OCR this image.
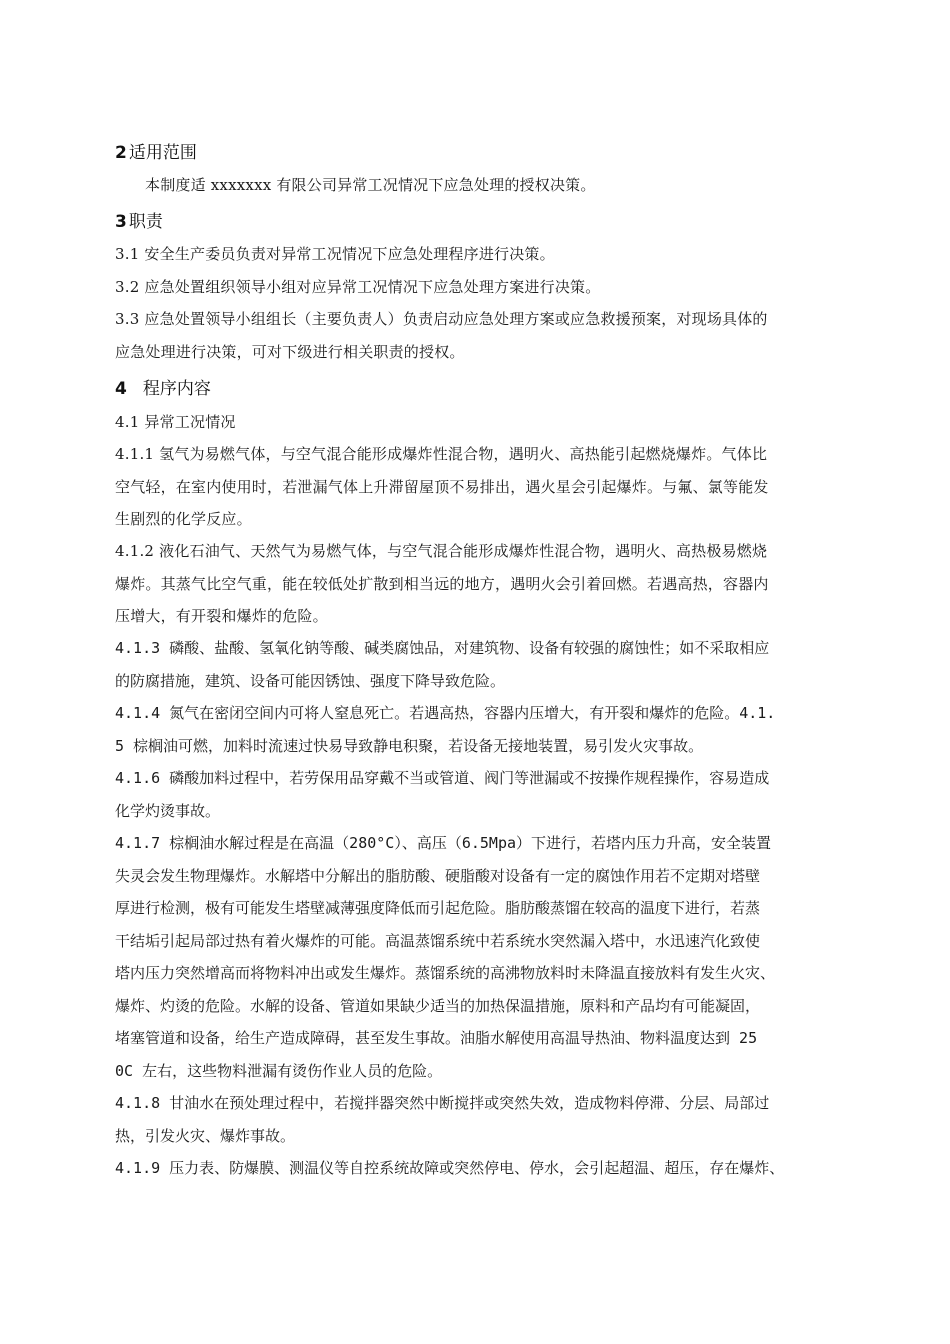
2 适用范围
本制度适 xxxxxxx 有限公司异常工况情况下应急处理的授权决策。
3 职责
3.1 安全生产委员负责对异常工况情况下应急处理程序进行决策。
3.2 应急处置组织领导小组对应异常工况情况下应急处理方案进行决策。
3.3 应急处置领导小组组长（主要负责人）负责启动应急处理方案或应急救援预案，对现场具体的
应急处理进行决策，可对下级进行相关职责的授权。
4 程序内容
4.1 异常工况情况
4.1.1 氢气为易燃气体，与空气混合能形成爆炸性混合物，遇明火、高热能引起燃烧爆炸。气体比
空气轻，在室内使用时，若泄漏气体上升滞留屋顶不易排出，遇火星会引起爆炸。与氟、氯等能发
生剧烈的化学反应。
4.1.2 液化石油气、天然气为易燃气体，与空气混合能形成爆炸性混合物，遇明火、高热极易燃烧
爆炸。其蒸气比空气重，能在较低处扩散到相当远的地方，遇明火会引着回燃。若遇高热，容器内
压增大，有开裂和爆炸的危险。
4.1.3 磷酸、盐酸、氢氧化钠等酸、碱类腐蚀品，对建筑物、设备有较强的腐蚀性；如不采取相应
的防腐措施，建筑、设备可能因锈蚀、强度下降导致危险。
4.1.4 氮气在密闭空间内可将人窒息死亡。若遇高热，容器内压增大，有开裂和爆炸的危险。4.1.
5 棕榈油可燃，加料时流速过快易导致静电积聚，若设备无接地装置，易引发火灾事故。
4.1.6 磷酸加料过程中，若劳保用品穿戴不当或管道、阀门等泄漏或不按操作规程操作，容易造成
化学灼烫事故。
4.1.7 棕榈油水解过程是在高温（280°C）、高压（6.5Mpa）下进行，若塔内压力升高，安全装置
失灵会发生物理爆炸。水解塔中分解出的脂肪酸、硬脂酸对设备有一定的腐蚀作用若不定期对塔壁
厚进行检测，极有可能发生塔壁减薄强度降低而引起危险。脂肪酸蒸馏在较高的温度下进行，若蒸
干结垢引起局部过热有着火爆炸的可能。高温蒸馏系统中若系统水突然漏入塔中，水迅速汽化致使
塔内压力突然增高而将物料冲出或发生爆炸。蒸馏系统的高沸物放料时未降温直接放料有发生火灾、
爆炸、灼烫的危险。水解的设备、管道如果缺少适当的加热保温措施，原料和产品均有可能凝固，
堵塞管道和设备，给生产造成障碍，甚至发生事故。油脂水解使用高温导热油、物料温度达到 25
0C 左右，这些物料泄漏有烫伤作业人员的危险。
4.1.8 甘油水在预处理过程中，若搅拌器突然中断搅拌或突然失效，造成物料停滞、分层、局部过
热，引发火灾、爆炸事故。
4.1.9 压力表、防爆膜、测温仪等自控系统故障或突然停电、停水，会引起超温、超压，存在爆炸、
